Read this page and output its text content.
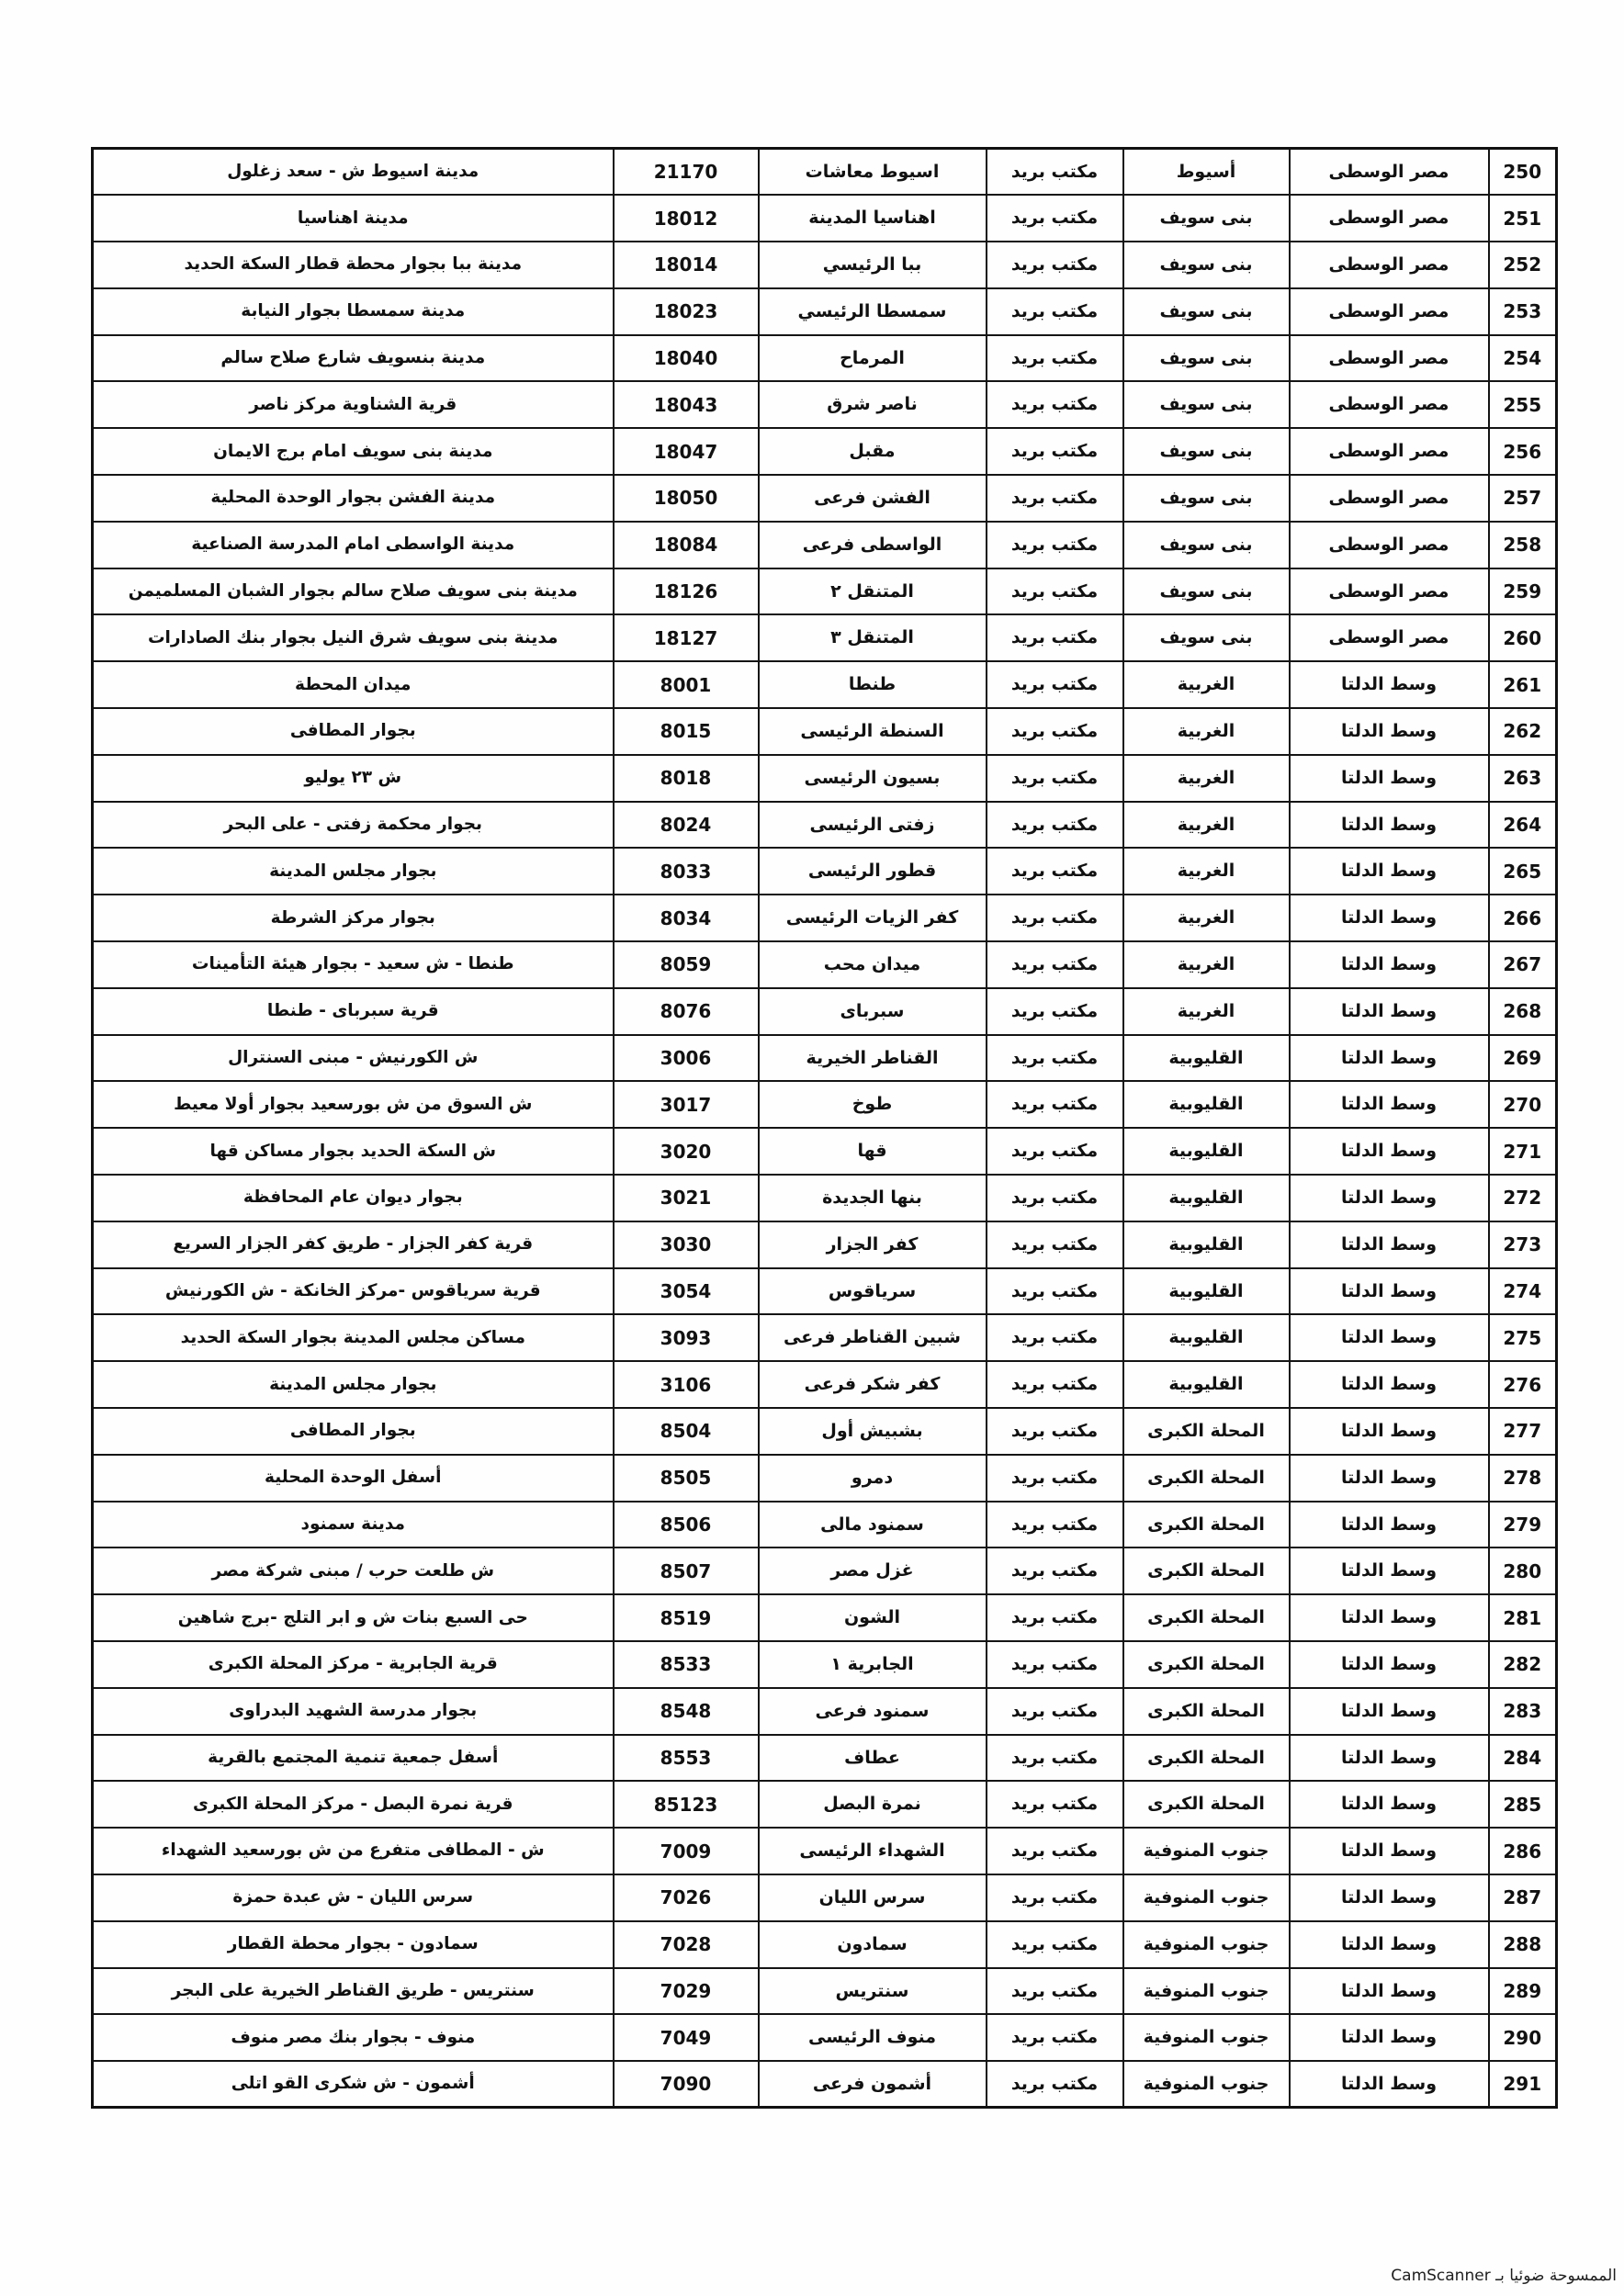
250	مصر الوسطى	أسيوط	مكتب بريد	اسيوط معاشات	21170	مدينة اسيوط ش - سعد زغلول
251	مصر الوسطى	بنى سويف	مكتب بريد	اهناسيا المدينة	18012	مدينة اهناسيا
252	مصر الوسطى	بنى سويف	مكتب بريد	ببا الرئيسي	18014	مدينة ببا بجوار محطة قطار السكة الحديد
253	مصر الوسطى	بنى سويف	مكتب بريد	سمسطا الرئيسي	18023	مدينة سمسطا بجوار النيابة
254	مصر الوسطى	بنى سويف	مكتب بريد	المرماح	18040	مدينة بنسويف شارع صلاح سالم
255	مصر الوسطى	بنى سويف	مكتب بريد	ناصر شرق	18043	قرية الشناوية مركز ناصر
256	مصر الوسطى	بنى سويف	مكتب بريد	مقبل	18047	مدينة بنى سويف امام برج الايمان
257	مصر الوسطى	بنى سويف	مكتب بريد	الفشن فرعى	18050	مدينة الفشن بجوار الوحدة المحلية
258	مصر الوسطى	بنى سويف	مكتب بريد	الواسطى فرعى	18084	مدينة الواسطى امام المدرسة الصناعية
259	مصر الوسطى	بنى سويف	مكتب بريد	المتنقل ٢	18126	مدينة بنى سويف صلاح سالم بجوار الشبان المسلميمن
260	مصر الوسطى	بنى سويف	مكتب بريد	المتنقل ٣	18127	مدينة بنى سويف شرق النيل بجوار بنك الصادارات
261	وسط الدلتا	الغربية	مكتب بريد	طنطا	8001	ميدان المحطة
262	وسط الدلتا	الغربية	مكتب بريد	السنطة الرئيسى	8015	بجوار المطافى
263	وسط الدلتا	الغربية	مكتب بريد	بسيون الرئيسى	8018	ش ٢٣ يوليو
264	وسط الدلتا	الغربية	مكتب بريد	زفتى الرئيسى	8024	بجوار محكمة زفتى - على البحر
265	وسط الدلتا	الغربية	مكتب بريد	قطور الرئيسى	8033	بجوار مجلس المدينة
266	وسط الدلتا	الغربية	مكتب بريد	كفر الزيات الرئيسى	8034	بجوار مركز الشرطة
267	وسط الدلتا	الغربية	مكتب بريد	ميدان محب	8059	طنطا - ش سعيد - بجوار هيئة التأمينات
268	وسط الدلتا	الغربية	مكتب بريد	سبرباى	8076	قرية سبرباى - طنطا
269	وسط الدلتا	القليوبية	مكتب بريد	القناطر الخيرية	3006	ش الكورنيش - مبنى السنترال
270	وسط الدلتا	القليوبية	مكتب بريد	طوخ	3017	ش السوق من ش بورسعيد بجوار أولا معيط
271	وسط الدلتا	القليوبية	مكتب بريد	قها	3020	ش السكة الحديد بجوار مساكن قها
272	وسط الدلتا	القليوبية	مكتب بريد	بنها الجديدة	3021	بجوار ديوان عام المحافظة
273	وسط الدلتا	القليوبية	مكتب بريد	كفر الجزار	3030	قرية كفر الجزار - طريق كفر الجزار السريع
274	وسط الدلتا	القليوبية	مكتب بريد	سرياقوس	3054	قرية سرياقوس -مركز الخانكة - ش الكورنيش
275	وسط الدلتا	القليوبية	مكتب بريد	شبين القناطر فرعى	3093	مساكن مجلس المدينة بجوار السكة الحديد
276	وسط الدلتا	القليوبية	مكتب بريد	كفر شكر فرعى	3106	بجوار مجلس المدينة
277	وسط الدلتا	المحلة الكبرى	مكتب بريد	بشبيش أول	8504	بجوار المطافى
278	وسط الدلتا	المحلة الكبرى	مكتب بريد	دمرو	8505	أسفل الوحدة المحلية
279	وسط الدلتا	المحلة الكبرى	مكتب بريد	سمنود مالى	8506	مدينة سمنود
280	وسط الدلتا	المحلة الكبرى	مكتب بريد	غزل مصر	8507	ش طلعت حرب / مبنى شركة مصر
281	وسط الدلتا	المحلة الكبرى	مكتب بريد	الشون	8519	حى السبع بنات ش و ابر التلج -برج شاهين
282	وسط الدلتا	المحلة الكبرى	مكتب بريد	الجابرية ١	8533	قرية الجابرية - مركز المحلة الكبرى
283	وسط الدلتا	المحلة الكبرى	مكتب بريد	سمنود فرعى	8548	بجوار مدرسة الشهيد البدراوى
284	وسط الدلتا	المحلة الكبرى	مكتب بريد	عطاف	8553	أسفل جمعية تنمية المجتمع بالقرية
285	وسط الدلتا	المحلة الكبرى	مكتب بريد	نمرة البصل	85123	قرية نمرة البصل - مركز المحلة الكبرى
286	وسط الدلتا	جنوب المنوفية	مكتب بريد	الشهداء الرئيسى	7009	ش - المطافى متفرع من ش بورسعيد الشهداء
287	وسط الدلتا	جنوب المنوفية	مكتب بريد	سرس الليان	7026	سرس الليان - ش عبدة حمزة
288	وسط الدلتا	جنوب المنوفية	مكتب بريد	سمادون	7028	سمادون - بجوار محطة القطار
289	وسط الدلتا	جنوب المنوفية	مكتب بريد	سنتريس	7029	سنتريس - طريق القناطر الخيرية على البجر
290	وسط الدلتا	جنوب المنوفية	مكتب بريد	منوف الرئيسى	7049	منوف - بجوار بنك مصر منوف
291	وسط الدلتا	جنوب المنوفية	مكتب بريد	أشمون فرعى	7090	أشمون - ش شكرى القو اتلى
الممسوحة ضوئيا بـ CamScanner
